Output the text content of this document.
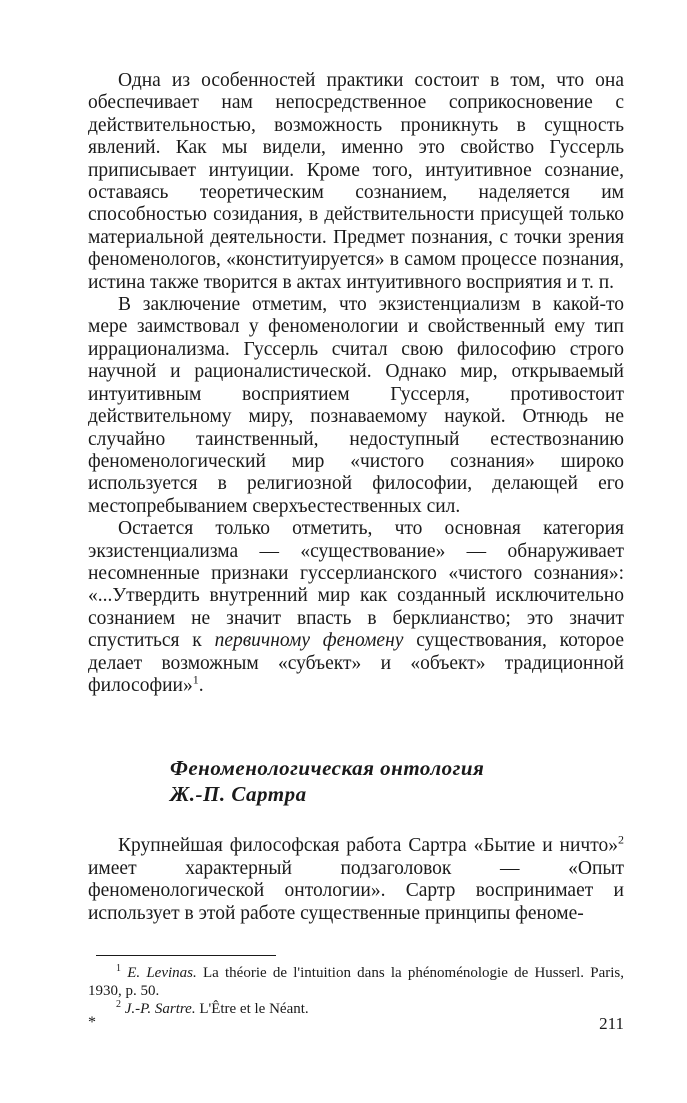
Одна из особенностей практики состоит в том, что она обеспечивает нам непосредственное соприкосновение с действительностью, возможность проникнуть в сущность явлений. Как мы видели, именно это свойство Гуссерль приписывает интуиции. Кроме того, интуитивное сознание, оставаясь теоретическим сознанием, наделяется им способностью созидания, в действительности присущей только материальной деятельности. Предмет познания, с точки зрения феноменологов, «конституируется» в самом процессе познания, истина также творится в актах интуитивного восприятия и т. п.

В заключение отметим, что экзистенциализм в какой-то мере заимствовал у феноменологии и свойственный ему тип иррационализма. Гуссерль считал свою философию строго научной и рационалистической. Однако мир, открываемый интуитивным восприятием Гуссерля, противостоит действительному миру, познаваемому наукой. Отнюдь не случайно таинственный, недоступный естествознанию феноменологический мир «чистого сознания» широко используется в религиозной философии, делающей его местопребыванием сверхъестественных сил.

Остается только отметить, что основная категория экзистенциализма — «существование» — обнаруживает несомненные признаки гуссерлианского «чистого сознания»: «...Утвердить внутренний мир как созданный исключительно сознанием не значит впасть в берклианство; это значит спуститься к первичному феномену существования, которое делает возможным «субъект» и «объект» традиционной философии»$^1$.

Феноменологическая онтология
Ж.-П. Сартра

Крупнейшая философская работа Сартра «Бытие и ничто»$^2$ имеет характерный подзаголовок — «Опыт феноменологической онтологии». Сартр воспринимает и использует в этой работе существенные принципы феноме-

$^1$ E. Levinas. La théorie de l'intuition dans la phénoménologie de Husserl. Paris, 1930, p. 50.

$^2$ J.-P. Sartre. L'Être et le Néant.

*	211
